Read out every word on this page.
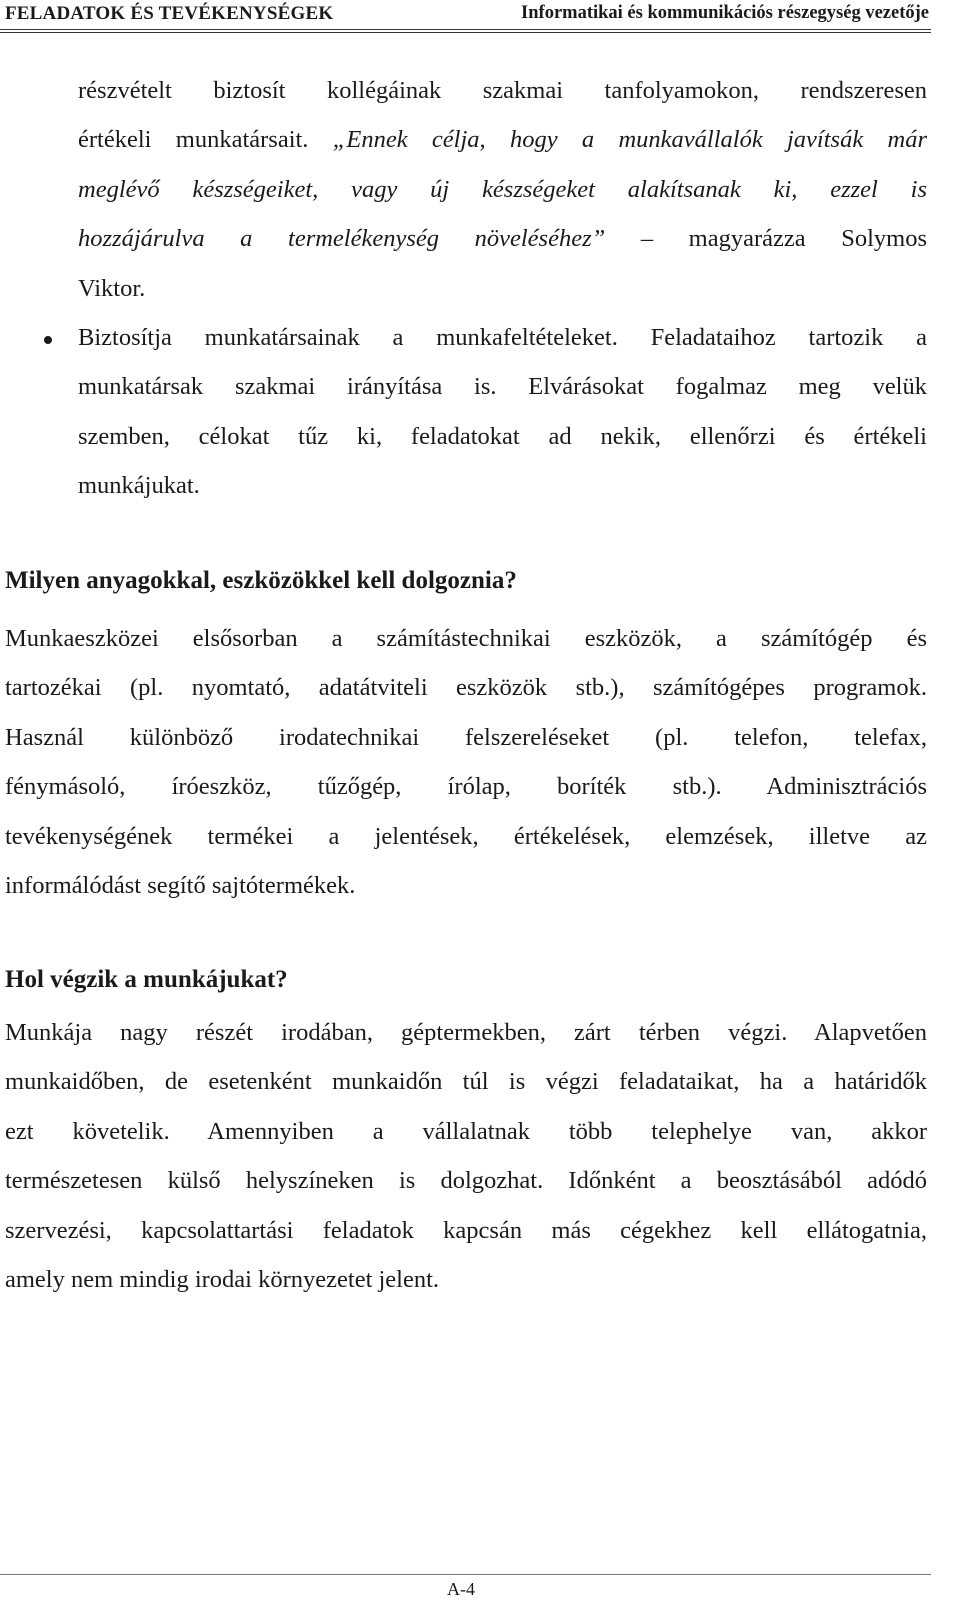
FELADATOK ÉS TEVÉKENYSÉGEK	Informatikai és kommunikációs részegység vezetője

részvételt biztosít kollégáinak szakmai tanfolyamokon, rendszeresen

értékeli munkatársait. „Ennek célja, hogy a munkavállalók javítsák már

meglévő készségeiket, vagy új készségeket alakítsanak ki, ezzel is

hozzájárulva a termelékenység növeléséhez” – magyarázza Solymos

Viktor.

Biztosítja munkatársainak a munkafeltételeket. Feladataihoz tartozik a

munkatársak szakmai irányítása is. Elvárásokat fogalmaz meg velük

szemben, célokat tűz ki, feladatokat ad nekik, ellenőrzi és értékeli

munkájukat.

Milyen anyagokkal, eszközökkel kell dolgoznia?

Munkaeszközei elsősorban a számítástechnikai eszközök, a számítógép és

tartozékai (pl. nyomtató, adatátviteli eszközök stb.), számítógépes programok.

Használ különböző irodatechnikai felszereléseket (pl. telefon, telefax,

fénymásoló, íróeszköz, tűzőgép, írólap, boríték stb.). Adminisztrációs

tevékenységének termékei a jelentések, értékelések, elemzések, illetve az

informálódást segítő sajtótermékek.

Hol végzik a munkájukat?

Munkája nagy részét irodában, géptermekben, zárt térben végzi. Alapvetően

munkaidőben, de esetenként munkaidőn túl is végzi feladataikat, ha a határidők

ezt követelik. Amennyiben a vállalatnak több telephelye van, akkor

természetesen külső helyszíneken is dolgozhat. Időnként a beosztásából adódó

szervezési, kapcsolattartási feladatok kapcsán más cégekhez kell ellátogatnia,

amely nem mindig irodai környezetet jelent.

A-4
